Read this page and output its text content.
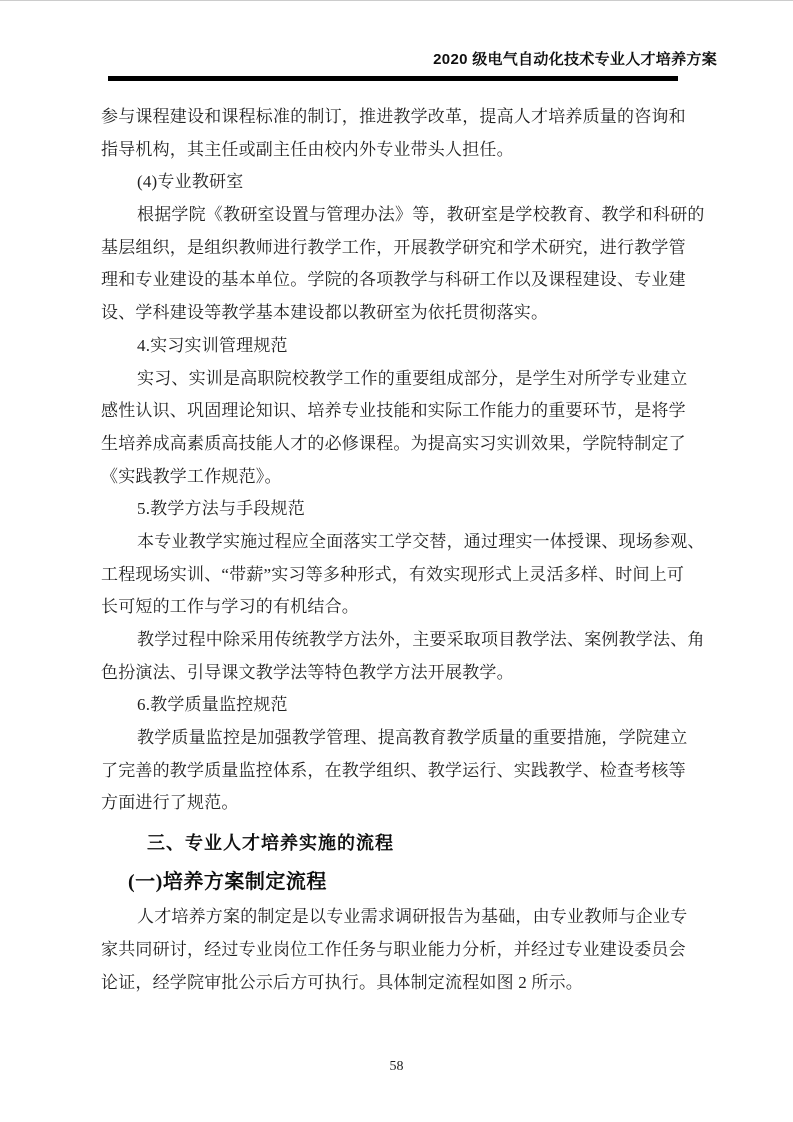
2020 级电气自动化技术专业人才培养方案
参与课程建设和课程标准的制订，推进教学改革，提高人才培养质量的咨询和
指导机构，其主任或副主任由校内外专业带头人担任。
(4)专业教研室
根据学院《教研室设置与管理办法》等，教研室是学校教育、教学和科研的
基层组织，是组织教师进行教学工作，开展教学研究和学术研究，进行教学管
理和专业建设的基本单位。学院的各项教学与科研工作以及课程建设、专业建
设、学科建设等教学基本建设都以教研室为依托贯彻落实。
4.实习实训管理规范
实习、实训是高职院校教学工作的重要组成部分，是学生对所学专业建立
感性认识、巩固理论知识、培养专业技能和实际工作能力的重要环节，是将学
生培养成高素质高技能人才的必修课程。为提高实习实训效果，学院特制定了
《实践教学工作规范》。
5.教学方法与手段规范
本专业教学实施过程应全面落实工学交替，通过理实一体授课、现场参观、
工程现场实训、“带薪”实习等多种形式，有效实现形式上灵活多样、时间上可
长可短的工作与学习的有机结合。
教学过程中除采用传统教学方法外，主要采取项目教学法、案例教学法、角
色扮演法、引导课文教学法等特色教学方法开展教学。
6.教学质量监控规范
教学质量监控是加强教学管理、提高教育教学质量的重要措施，学院建立
了完善的教学质量监控体系，在教学组织、教学运行、实践教学、检查考核等
方面进行了规范。
三、专业人才培养实施的流程
(一)培养方案制定流程
人才培养方案的制定是以专业需求调研报告为基础，由专业教师与企业专
家共同研讨，经过专业岗位工作任务与职业能力分析，并经过专业建设委员会
论证，经学院审批公示后方可执行。具体制定流程如图 2 所示。
58
